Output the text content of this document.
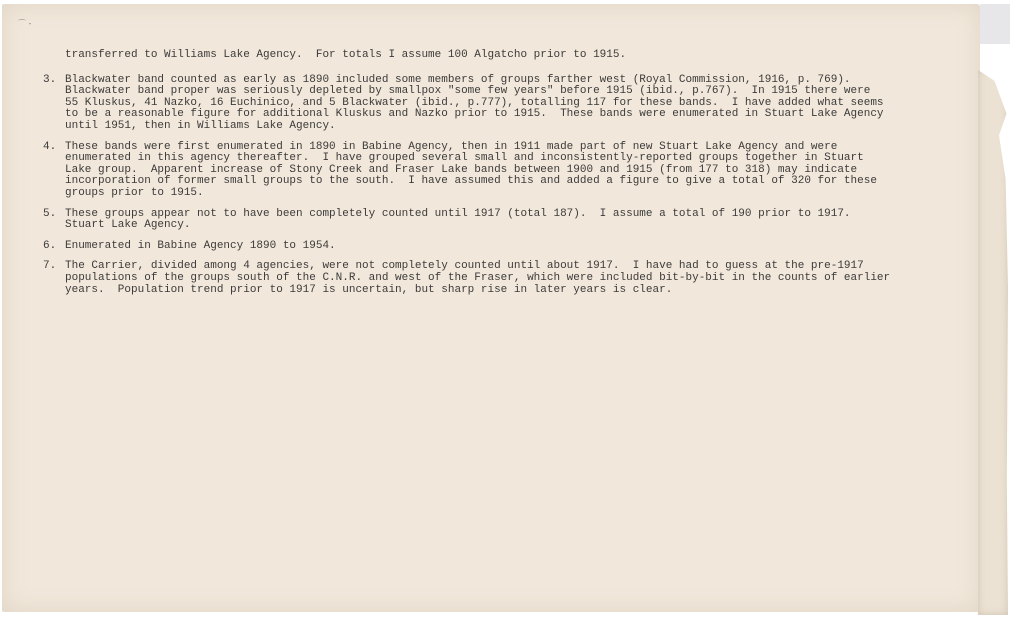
transferred to Williams Lake Agency.  For totals I assume 100 Algatcho prior to 1915.
3. Blackwater band counted as early as 1890 included some members of groups farther west (Royal Commission, 1916, p. 769).
Blackwater band proper was seriously depleted by smallpox "some few years" before 1915 (ibid., p.767).  In 1915 there were
55 Kluskus, 41 Nazko, 16 Euchinico, and 5 Blackwater (ibid., p.777), totalling 117 for these bands.  I have added what seems
to be a reasonable figure for additional Kluskus and Nazko prior to 1915.  These bands were enumerated in Stuart Lake Agency
until 1951, then in Williams Lake Agency.
4. These bands were first enumerated in 1890 in Babine Agency, then in 1911 made part of new Stuart Lake Agency and were
enumerated in this agency thereafter.  I have grouped several small and inconsistently-reported groups together in Stuart
Lake group.  Apparent increase of Stony Creek and Fraser Lake bands between 1900 and 1915 (from 177 to 318) may indicate
incorporation of former small groups to the south.  I have assumed this and added a figure to give a total of 320 for these
groups prior to 1915.
5. These groups appear not to have been completely counted until 1917 (total 187).  I assume a total of 190 prior to 1917.
Stuart Lake Agency.
6. Enumerated in Babine Agency 1890 to 1954.
7. The Carrier, divided among 4 agencies, were not completely counted until about 1917.  I have had to guess at the pre-1917
populations of the groups south of the C.N.R. and west of the Fraser, which were included bit-by-bit in the counts of earlier
years.  Population trend prior to 1917 is uncertain, but sharp rise in later years is clear.
